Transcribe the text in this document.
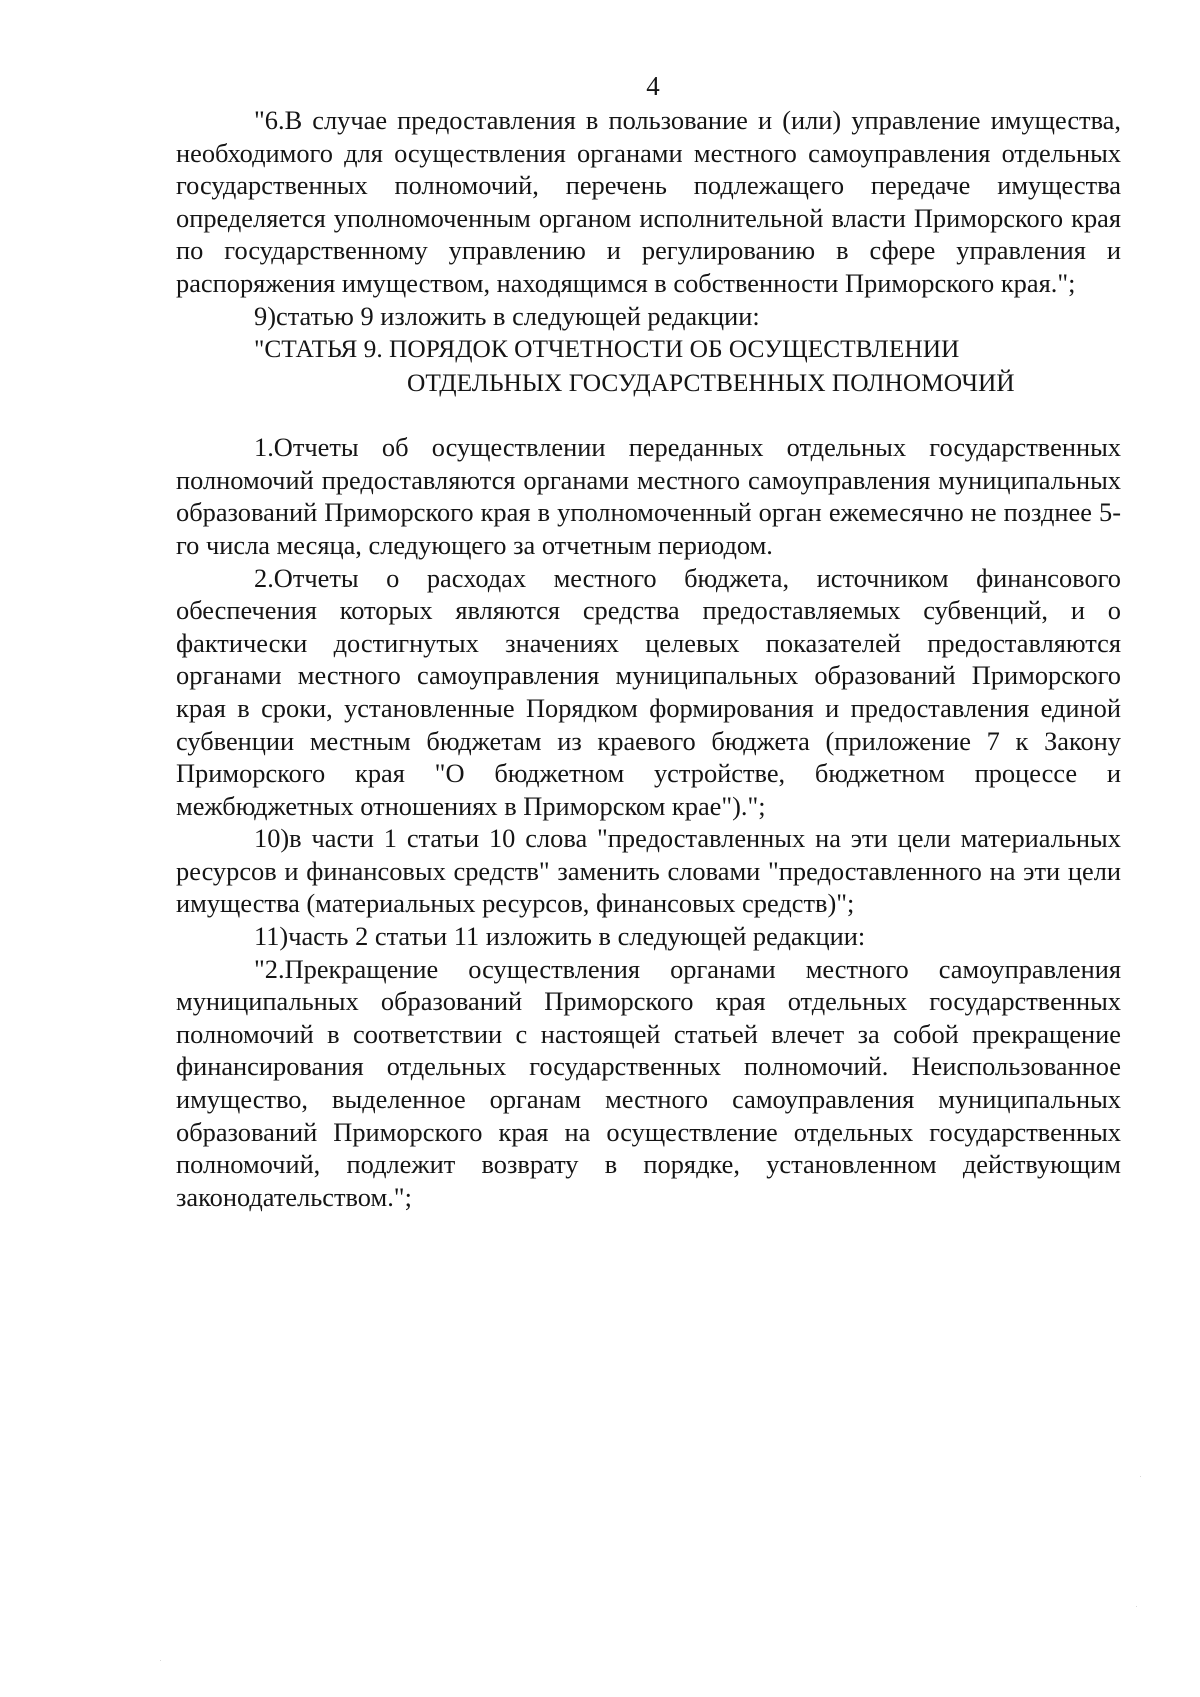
4

"6.В случае предоставления в пользование и (или) управление имущества, необходимого для осуществления органами местного самоуправления отдельных государственных полномочий, перечень подлежащего передаче имущества определяется уполномоченным органом исполнительной власти Приморского края по государственному управлению и регулированию в сфере управления и распоряжения имуществом, находящимся в собственности Приморского края.";

9)статью 9 изложить в следующей редакции:

"СТАТЬЯ 9. ПОРЯДОК ОТЧЕТНОСТИ ОБ ОСУЩЕСТВЛЕНИИ
ОТДЕЛЬНЫХ ГОСУДАРСТВЕННЫХ ПОЛНОМОЧИЙ

1.Отчеты об осуществлении переданных отдельных государственных полномочий предоставляются органами местного самоуправления муниципальных образований Приморского края в уполномоченный орган ежемесячно не позднее 5-го числа месяца, следующего за отчетным периодом.

2.Отчеты о расходах местного бюджета, источником финансового обеспечения которых являются средства предоставляемых субвенций, и о фактически достигнутых значениях целевых показателей предоставляются органами местного самоуправления муниципальных образований Приморского края в сроки, установленные Порядком формирования и предоставления единой субвенции местным бюджетам из краевого бюджета (приложение 7 к Закону Приморского края "О бюджетном устройстве, бюджетном процессе и межбюджетных отношениях в Приморском крае").";

10)в части 1 статьи 10 слова "предоставленных на эти цели материальных ресурсов и финансовых средств" заменить словами "предоставленного на эти цели имущества (материальных ресурсов, финансовых средств)";

11)часть 2 статьи 11 изложить в следующей редакции:

"2.Прекращение осуществления органами местного самоуправления муниципальных образований Приморского края отдельных государственных полномочий в соответствии с настоящей статьей влечет за собой прекращение финансирования отдельных государственных полномочий. Неиспользованное имущество, выделенное органам местного самоуправления муниципальных образований Приморского края на осуществление отдельных государственных полномочий, подлежит возврату в порядке, установленном действующим законодательством.";
